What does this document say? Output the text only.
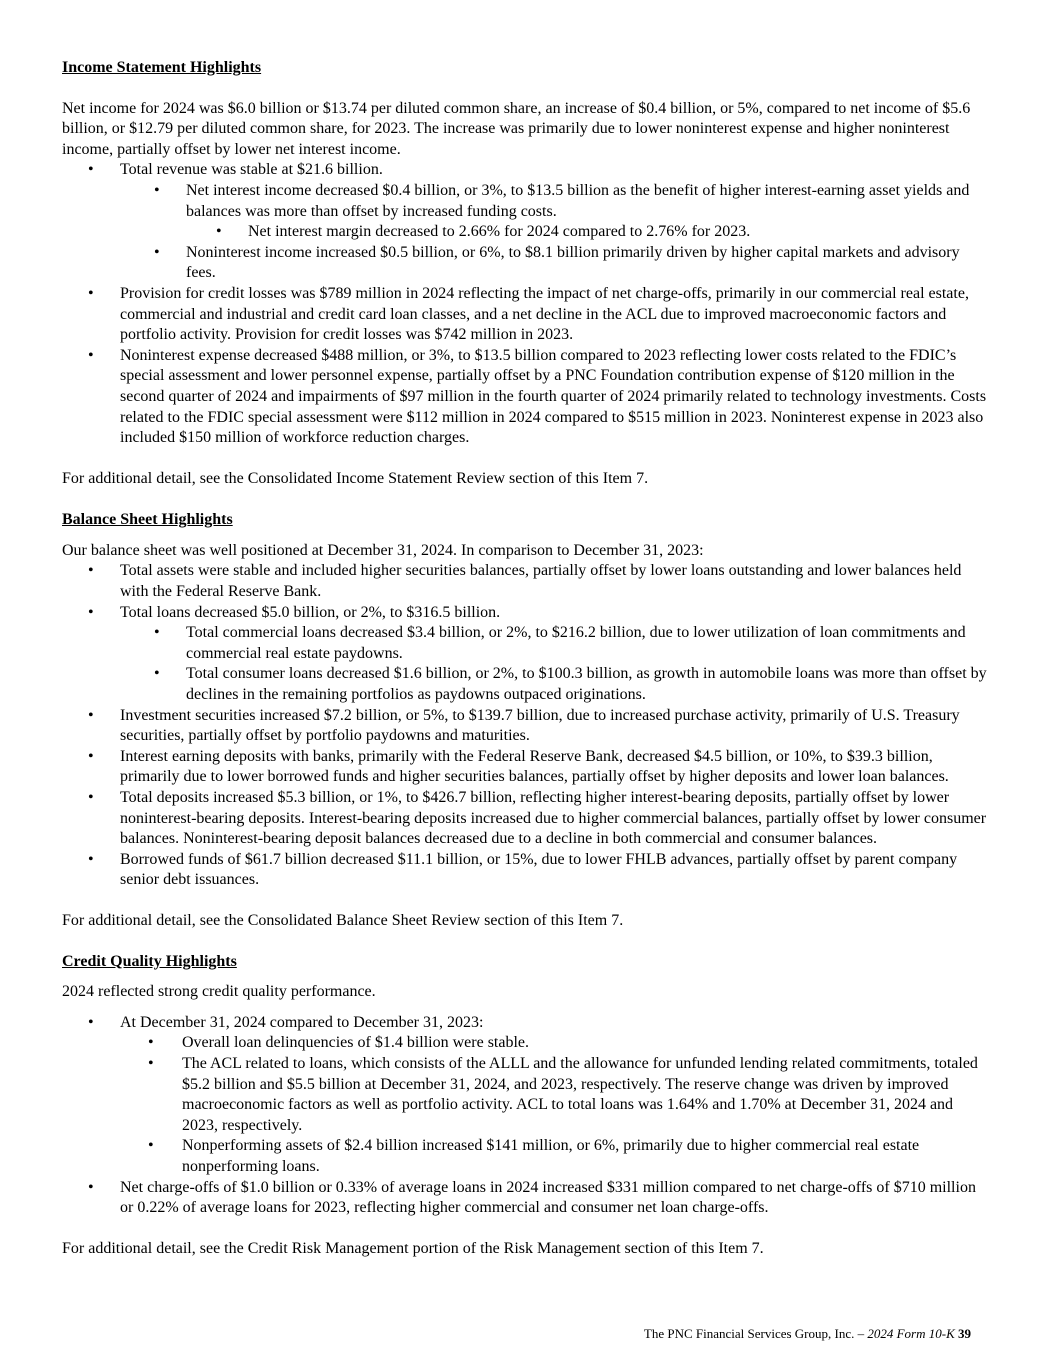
Income Statement Highlights

Net income for 2024 was $6.0 billion or $13.74 per diluted common share, an increase of $0.4 billion, or 5%, compared to net income of $5.6 billion, or $12.79 per diluted common share, for 2023. The increase was primarily due to lower noninterest expense and higher noninterest income, partially offset by lower net interest income.

• Total revenue was stable at $21.6 billion.
• Net interest income decreased $0.4 billion, or 3%, to $13.5 billion as the benefit of higher interest-earning asset yields and balances was more than offset by increased funding costs.
• Net interest margin decreased to 2.66% for 2024 compared to 2.76% for 2023.
• Noninterest income increased $0.5 billion, or 6%, to $8.1 billion primarily driven by higher capital markets and advisory fees.
• Provision for credit losses was $789 million in 2024 reflecting the impact of net charge-offs, primarily in our commercial real estate, commercial and industrial and credit card loan classes, and a net decline in the ACL due to improved macroeconomic factors and portfolio activity. Provision for credit losses was $742 million in 2023.
• Noninterest expense decreased $488 million, or 3%, to $13.5 billion compared to 2023 reflecting lower costs related to the FDIC’s special assessment and lower personnel expense, partially offset by a PNC Foundation contribution expense of $120 million in the second quarter of 2024 and impairments of $97 million in the fourth quarter of 2024 primarily related to technology investments. Costs related to the FDIC special assessment were $112 million in 2024 compared to $515 million in 2023. Noninterest expense in 2023 also included $150 million of workforce reduction charges.

For additional detail, see the Consolidated Income Statement Review section of this Item 7.

Balance Sheet Highlights

Our balance sheet was well positioned at December 31, 2024. In comparison to December 31, 2023:

• Total assets were stable and included higher securities balances, partially offset by lower loans outstanding and lower balances held with the Federal Reserve Bank.
• Total loans decreased $5.0 billion, or 2%, to $316.5 billion.
• Total commercial loans decreased $3.4 billion, or 2%, to $216.2 billion, due to lower utilization of loan commitments and commercial real estate paydowns.
• Total consumer loans decreased $1.6 billion, or 2%, to $100.3 billion, as growth in automobile loans was more than offset by declines in the remaining portfolios as paydowns outpaced originations.
• Investment securities increased $7.2 billion, or 5%, to $139.7 billion, due to increased purchase activity, primarily of U.S. Treasury securities, partially offset by portfolio paydowns and maturities.
• Interest earning deposits with banks, primarily with the Federal Reserve Bank, decreased $4.5 billion, or 10%, to $39.3 billion, primarily due to lower borrowed funds and higher securities balances, partially offset by higher deposits and lower loan balances.
• Total deposits increased $5.3 billion, or 1%, to $426.7 billion, reflecting higher interest-bearing deposits, partially offset by lower noninterest-bearing deposits. Interest-bearing deposits increased due to higher commercial balances, partially offset by lower consumer balances. Noninterest-bearing deposit balances decreased due to a decline in both commercial and consumer balances.
• Borrowed funds of $61.7 billion decreased $11.1 billion, or 15%, due to lower FHLB advances, partially offset by parent company senior debt issuances.

For additional detail, see the Consolidated Balance Sheet Review section of this Item 7.

Credit Quality Highlights

2024 reflected strong credit quality performance.

• At December 31, 2024 compared to December 31, 2023:
• Overall loan delinquencies of $1.4 billion were stable.
• The ACL related to loans, which consists of the ALLL and the allowance for unfunded lending related commitments, totaled $5.2 billion and $5.5 billion at December 31, 2024, and 2023, respectively. The reserve change was driven by improved macroeconomic factors as well as portfolio activity. ACL to total loans was 1.64% and 1.70% at December 31, 2024 and 2023, respectively.
• Nonperforming assets of $2.4 billion increased $141 million, or 6%, primarily due to higher commercial real estate nonperforming loans.
• Net charge-offs of $1.0 billion or 0.33% of average loans in 2024 increased $331 million compared to net charge-offs of $710 million or 0.22% of average loans for 2023, reflecting higher commercial and consumer net loan charge-offs.

For additional detail, see the Credit Risk Management portion of the Risk Management section of this Item 7.

The PNC Financial Services Group, Inc. – 2024 Form 10-K 39
